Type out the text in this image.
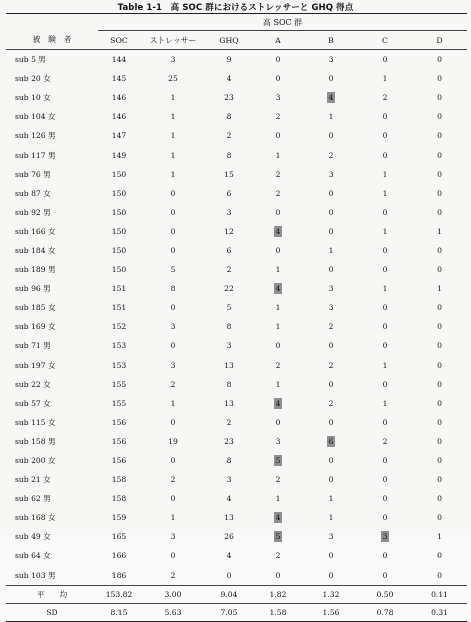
Table 1-1　高 SOC 群におけるストレッサーと GHQ 得点
	高 SOC 群						
被　験　者	SOC	ストレッサー	GHQ	A	B	C	D
sub 5 男	144	3	9	0	3	0	0
sub 20 女	145	25	4	0	0	1	0
sub 10 女	146	1	23	3	4	2	0
sub 104 女	146	1	8	2	1	0	0
sub 126 男	147	1	2	0	0	0	0
sub 117 男	149	1	8	1	2	0	0
sub 76 男	150	1	15	2	3	1	0
sub 87 女	150	0	6	2	0	1	0
sub 92 男	150	0	3	0	0	0	0
sub 166 女	150	0	12	4	0	1	1
sub 184 女	150	0	6	0	1	0	0
sub 189 男	150	5	2	1	0	0	0
sub 96 男	151	8	22	4	3	1	1
sub 185 女	151	0	5	1	3	0	0
sub 169 女	152	3	8	1	2	0	0
sub 71 男	153	0	3	0	0	0	0
sub 197 女	153	3	13	2	2	1	0
sub 22 女	155	2	8	1	0	0	0
sub 57 女	155	1	13	4	2	1	0
sub 115 女	156	0	2	0	0	0	0
sub 158 男	156	19	23	3	6	2	0
sub 200 女	156	0	8	5	0	0	0
sub 21 女	158	2	3	2	0	0	0
sub 62 男	158	0	4	1	1	0	0
sub 168 女	159	1	13	4	1	0	0
sub 49 女	165	3	26	5	3	3	1
sub 64 女	166	0	4	2	0	0	0
sub 103 男	186	2	0	0	0	0	0
平　　均	153.82	3.00	9.04	1.82	1.32	0.50	0.11
SD	8.15	5.63	7.05	1.58	1.56	0.78	0.31
